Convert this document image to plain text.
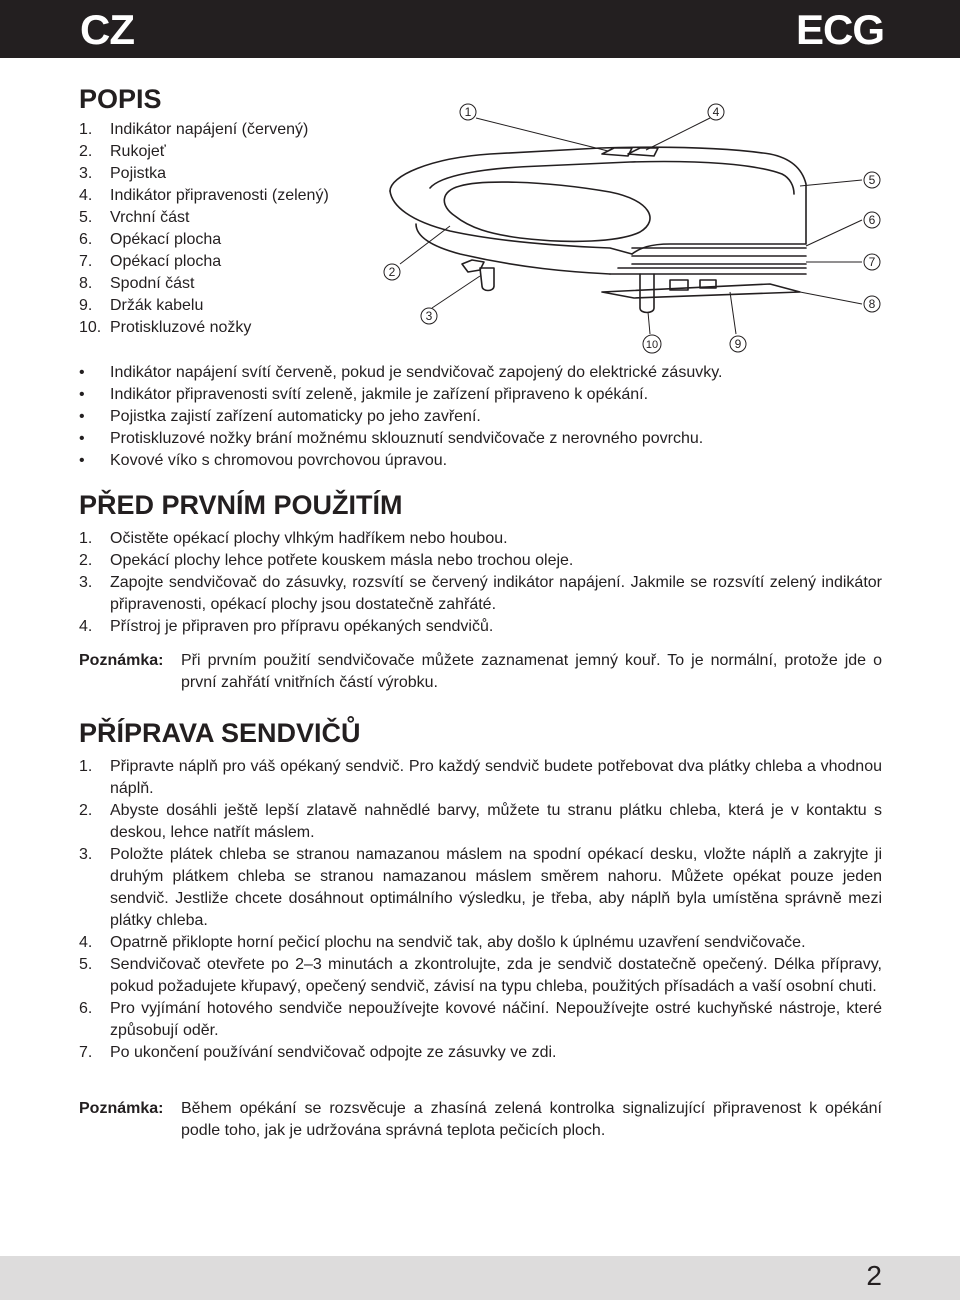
CZ	ECG
POPIS
1. Indikátor napájení (červený)
2. Rukojeť
3. Pojistka
4. Indikátor připravenosti (zelený)
5. Vrchní část
6. Opékací plocha
7. Opékací plocha
8. Spodní část
9. Držák kabelu
10. Protiskluzové nožky
1	4
2
3
5
6
7
8
10	9
• Indikátor napájení svítí červeně, pokud je sendvičovač zapojený do elektrické zásuvky.
• Indikátor připravenosti svítí zeleně, jakmile je zařízení připraveno k opékání.
• Pojistka zajistí zařízení automaticky po jeho zavření.
• Protiskluzové nožky brání možnému sklouznutí sendvičovače z nerovného povrchu.
• Kovové víko s chromovou povrchovou úpravou.
PŘED PRVNÍM POUŽITÍM
1. Očistěte opékací plochy vlhkým hadříkem nebo houbou.
2. Opekácí plochy lehce potřete kouskem másla nebo trochou oleje.
3. Zapojte sendvičovač do zásuvky, rozsvítí se červený indikátor napájení. Jakmile se rozsvítí zelený indikátor připravenosti, opékací plochy jsou dostatečně zahřáté.
4. Přístroj je připraven pro přípravu opékaných sendvičů.
Poznámka: Při prvním použití sendvičovače můžete zaznamenat jemný kouř. To je normální, protože jde o první zahřátí vnitřních částí výrobku.
PŘÍPRAVA SENDVIČŮ
1. Připravte náplň pro váš opékaný sendvič. Pro každý sendvič budete potřebovat dva plátky chleba a vhodnou náplň.
2. Abyste dosáhli ještě lepší zlatavě nahnědlé barvy, můžete tu stranu plátku chleba, která je v kontaktu s deskou, lehce natřít máslem.
3. Položte plátek chleba se stranou namazanou máslem na spodní opékací desku, vložte náplň a zakryjte ji druhým plátkem chleba se stranou namazanou máslem směrem nahoru. Můžete opékat pouze jeden sendvič. Jestliže chcete dosáhnout optimálního výsledku, je třeba, aby náplň byla umístěna správně mezi plátky chleba.
4. Opatrně přiklopte horní pečicí plochu na sendvič tak, aby došlo k úplnému uzavření sendvičovače.
5. Sendvičovač otevřete po 2–3 minutách a zkontrolujte, zda je sendvič dostatečně opečený. Délka přípravy, pokud požadujete křupavý, opečený sendvič, závisí na typu chleba, použitých přísadách a vaší osobní chuti.
6. Pro vyjímání hotového sendviče nepoužívejte kovové náčiní. Nepoužívejte ostré kuchyňské nástroje, které způsobují oděr.
7. Po ukončení používání sendvičovač odpojte ze zásuvky ve zdi.
Poznámka: Během opékání se rozsvěcuje a zhasíná zelená kontrolka signalizující připravenost k opékání podle toho, jak je udržována správná teplota pečicích ploch.
2
